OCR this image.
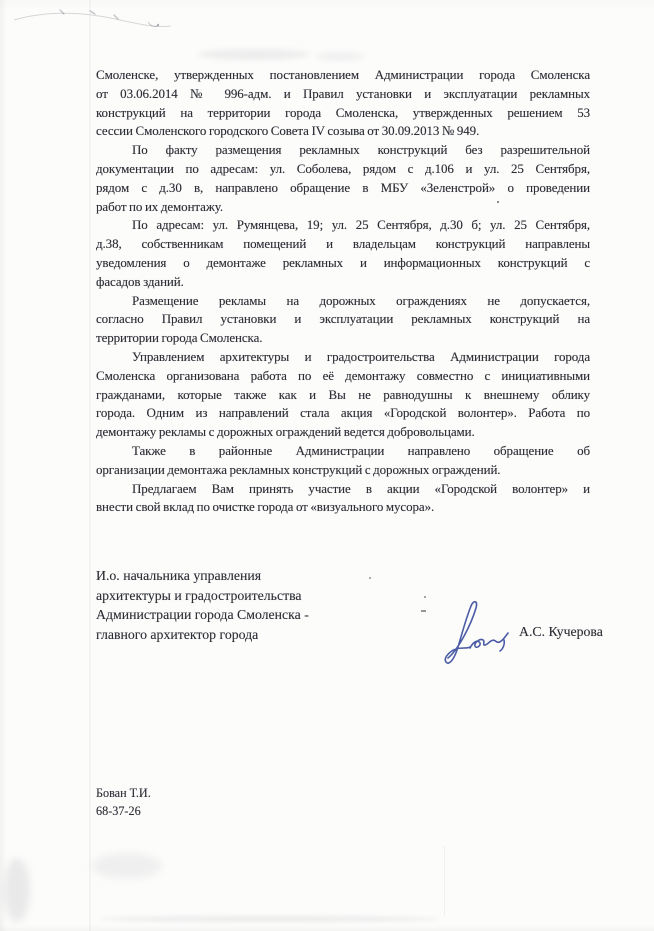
Смоленске, утвержденных постановлением Администрации города Смоленска
от 03.06.2014 № 996-адм. и Правил установки и эксплуатации рекламных
конструкций на территории города Смоленска, утвержденных решением 53
сессии Смоленского городского Совета IV созыва от 30.09.2013 № 949.
По факту размещения рекламных конструкций без разрешительной
документации по адресам: ул. Соболева, рядом с д.106 и ул. 25 Сентября,
рядом с д.30 в, направлено обращение в МБУ «Зеленстрой» о проведении
работ по их демонтажу.
По адресам: ул. Румянцева, 19; ул. 25 Сентября, д.30 б; ул. 25 Сентября,
д.38, собственникам помещений и владельцам конструкций направлены
уведомления о демонтаже рекламных и информационных конструкций с
фасадов зданий.
Размещение рекламы на дорожных ограждениях не допускается,
согласно Правил установки и эксплуатации рекламных конструкций на
территории города Смоленска.
Управлением архитектуры и градостроительства Администрации города
Смоленска организована работа по её демонтажу совместно с инициативными
гражданами, которые также как и Вы не равнодушны к внешнему облику
города. Одним из направлений стала акция «Городской волонтер». Работа по
демонтажу рекламы с дорожных ограждений ведется добровольцами.
Также в районные Администрации направлено обращение об
организации демонтажа рекламных конструкций с дорожных ограждений.
Предлагаем Вам принять участие в акции «Городской волонтер» и
внести свой вклад по очистке города от «визуального мусора».
И.о. начальника управления
архитектуры и градостроительства
Администрации города Смоленска -
главного архитектор города	А.С. Кучерова
Бован Т.И.
68-37-26
